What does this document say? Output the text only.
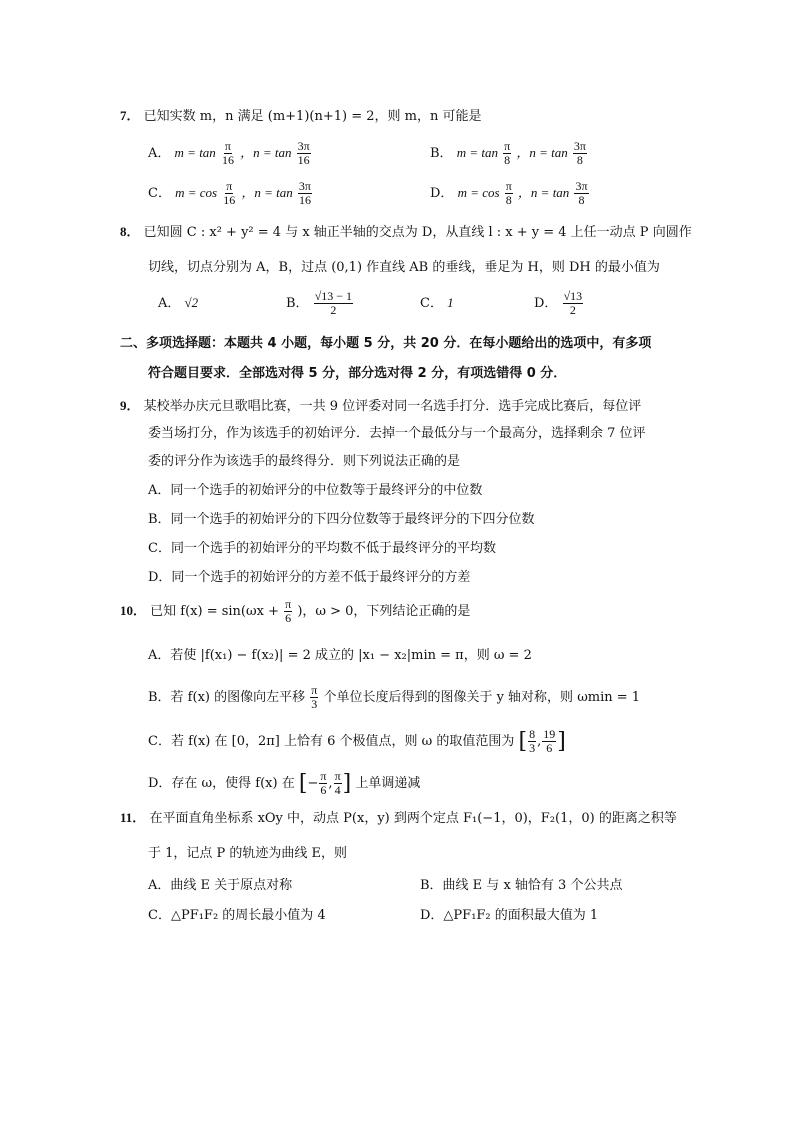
7． 已知实数 m，n 满足 (m+1)(n+1) = 2，则 m，n 可能是
A． $m = \tan \frac{\pi}{16}$ ，$n = \tan \frac{3\pi}{16}$	B． $m = \tan \frac{\pi}{8}$ ，$n = \tan \frac{3\pi}{8}$
C． $m = \cos \frac{\pi}{16}$ ，$n = \tan \frac{3\pi}{16}$	D． $m = \cos \frac{\pi}{8}$ ，$n = \tan \frac{3\pi}{8}$
8． 已知圆 C : x² + y² = 4 与 x 轴正半轴的交点为 D，从直线 l : x + y = 4 上任一动点 P 向圆作
切线，切点分别为 A，B，过点 (0,1) 作直线 AB 的垂线，垂足为 H，则 DH 的最小值为
A． √2	B． $\frac{√13 - 1}{2}$	C． 1	D． $\frac{√13}{2}$
二、多项选择题：本题共 4 小题，每小题 5 分，共 20 分．在每小题给出的选项中，有多项
符合题目要求．全部选对得 5 分，部分选对得 2 分，有项选错得 0 分．
9． 某校举办庆元旦歌唱比赛，一共 9 位评委对同一名选手打分．选手完成比赛后，每位评
委当场打分，作为该选手的初始评分．去掉一个最低分与一个最高分，选择剩余 7 位评
委的评分作为该选手的最终得分．则下列说法正确的是
A．同一个选手的初始评分的中位数等于最终评分的中位数
B．同一个选手的初始评分的下四分位数等于最终评分的下四分位数
C．同一个选手的初始评分的平均数不低于最终评分的平均数
D．同一个选手的初始评分的方差不低于最终评分的方差
10． 已知 $f(x) = \sin(\omega x + \frac{\pi}{6}$ )，ω > 0，下列结论正确的是
A．若使 |f(x₁) − f(x₂)| = 2 成立的 |x₁ − x₂|min = π，则 ω = 2
B．若 f(x) 的图像向左平移 $\frac{\pi}{3}$ 个单位长度后得到的图像关于 y 轴对称，则 ωmin = 1
C．若 f(x) 在 [0，2π] 上恰有 6 个极值点，则 ω 的取值范围为 [ $\frac{8}{3}$ , $\frac{19}{6}$ ]
D．存在 ω，使得 f(x) 在 [− $\frac{\pi}{6}$ , $\frac{\pi}{4}$ ] 上单调递减
11． 在平面直角坐标系 xOy 中，动点 P(x，y) 到两个定点 F₁(−1，0)，F₂(1，0) 的距离之积等
于 1，记点 P 的轨迹为曲线 E，则
A．曲线 E 关于原点对称	B．曲线 E 与 x 轴恰有 3 个公共点
C．△PF₁F₂ 的周长最小值为 4	D．△PF₁F₂ 的面积最大值为 1
